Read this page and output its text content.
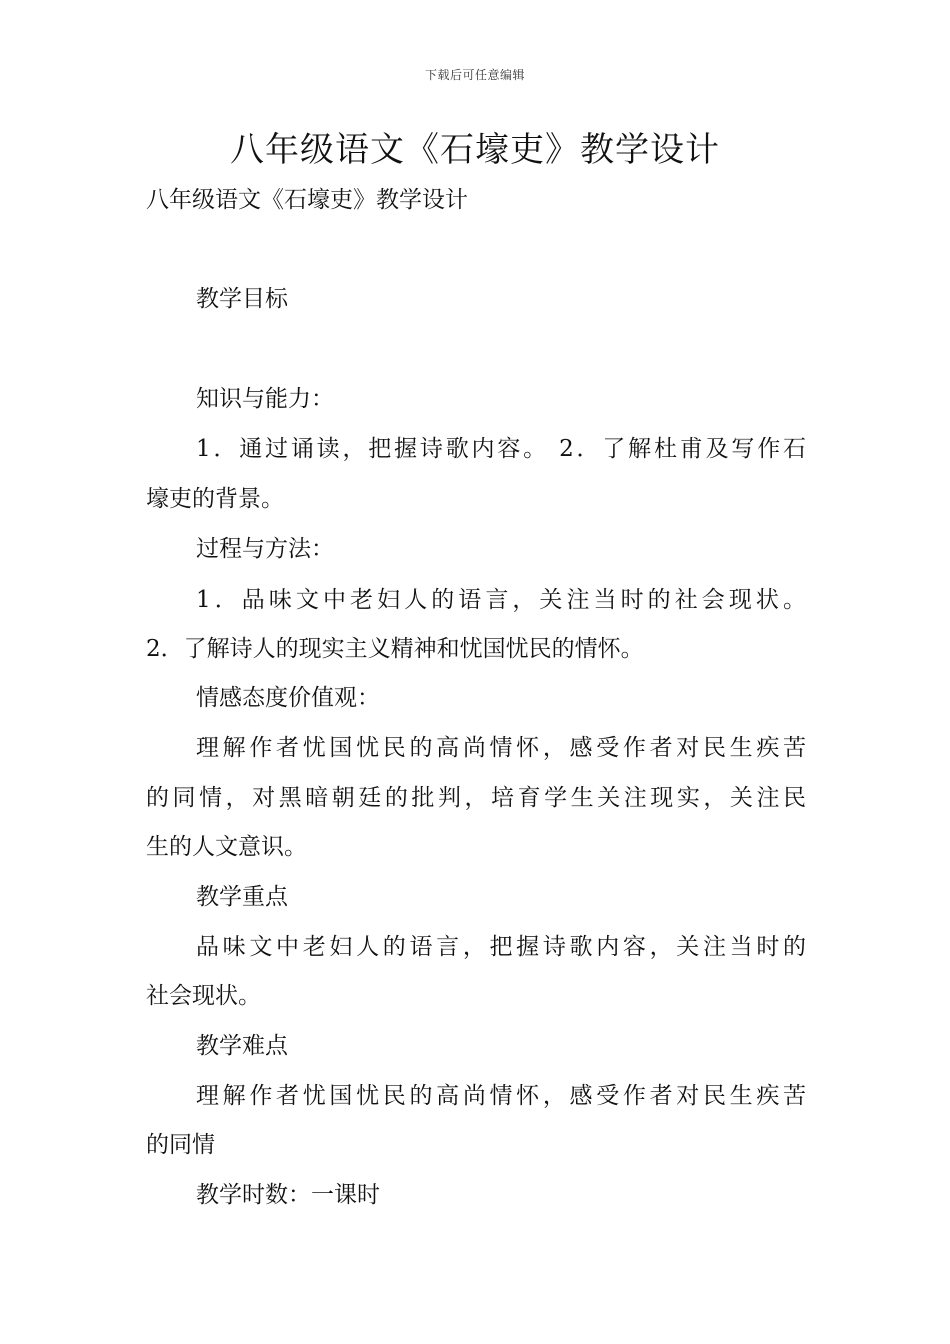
下载后可任意编辑
八年级语文《石壕吏》教学设计
八年级语文《石壕吏》教学设计
教学目标
知识与能力：
1．通过诵读，把握诗歌内容。 2．了解杜甫及写作石
壕吏的背景。
过程与方法：
1．品味文中老妇人的语言，关注当时的社会现状。
2．了解诗人的现实主义精神和忧国忧民的情怀。
情感态度价值观：
理解作者忧国忧民的高尚情怀，感受作者对民生疾苦
的同情，对黑暗朝廷的批判，培育学生关注现实，关注民
生的人文意识。
教学重点
品味文中老妇人的语言，把握诗歌内容，关注当时的
社会现状。
教学难点
理解作者忧国忧民的高尚情怀，感受作者对民生疾苦
的同情
教学时数：一课时
